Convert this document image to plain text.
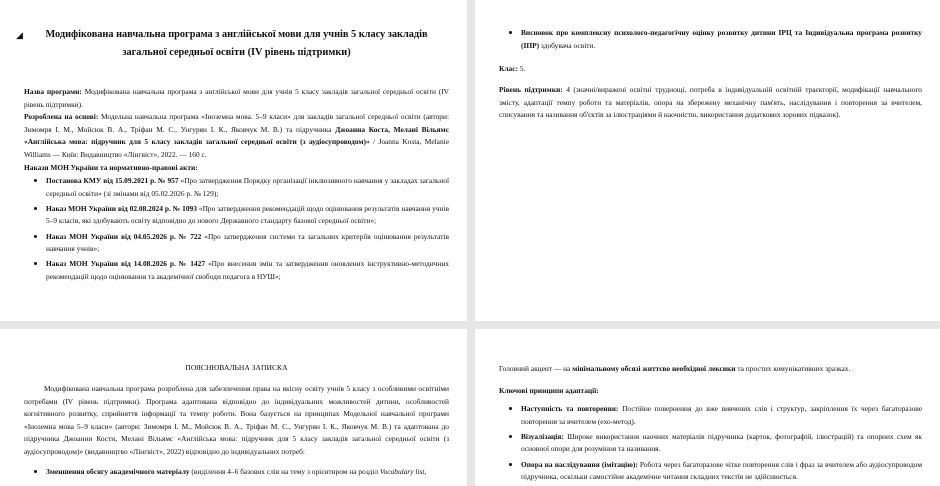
◢ Модифікована навчальна програма з англійської мови для учнів 5 класу закладів загальної середньої освіти (IV рівень підтримки)

Назва програми: Модифікована навчальна програма з англійської мови для учнів 5 класу закладів загальної середньої освіти (IV рівень підтримки).

Розроблена на основі: Модельна навчальна програма «Іноземна мова. 5–9 класи» для закладів загальної середньої освіти (автори: Зимомря І. М., Мойсюк В. А., Тріфан М. С., Унгурян І. К., Яковчук М. В.) та підручника Джоанна Коста, Мелані Вільямс «Англійська мова: підручник для 5 класу закладів загальної середньої освіти (з аудіосупроводом)» / Joanna Kosta, Melanie Williams — Київ: Видавництво «Лінгвіст», 2022. — 160 с.

Накази МОН України та нормативно-правові акти:

• Постанова КМУ від 15.09.2021 р. № 957 «Про затвердження Порядку організації інклюзивного навчання у закладах загальної середньої освіти» (зі змінами від 05.02.2026 р. № 129);
• Наказ МОН України від 02.08.2024 р. № 1093 «Про затвердження рекомендацій щодо оцінювання результатів навчання учнів 5–9 класів, які здобувають освіту відповідно до нового Державного стандарту базової середньої освіти»;
• Наказ МОН України від 04.05.2026 р. № 722 «Про затвердження системи та загальних критеріїв оцінювання результатів навчання учнів»;
• Наказ МОН України від 14.08.2026 р. № 1427 «Про внесення змін та затвердження оновлених інструктивно-методичних рекомендацій щодо оцінювання та академічної свободи педагога в НУШ»;
• Висновок про комплексну психолого-педагогічну оцінку розвитку дитини ІРЦ та Індивідуальна програма розвитку (ІПР) здобувача освіти.

Клас: 5.

Рівень підтримки: 4 (значні/виражені освітні труднощі, потреба в індивідуальній освітній траєкторії, модифікації навчального змісту, адаптації темпу роботи та матеріалів, опора на збережену механічну пам'ять, наслідування і повторення за вчителем, списування та називання об'єктів за ілюстраціями й наочністю, використання додаткових зорових підказок).

ПОЯСНЮВАЛЬНА ЗАПИСКА

Модифікована навчальна програма розроблена для забезпечення права на якісну освіту учнів 5 класу з особливими освітніми потребами (IV рівень підтримки). Програма адаптована відповідно до індивідуальних можливостей дитини, особливостей когнітивного розвитку, сприйняття інформації та темпу роботи. Вона базується на принципах Модельної навчальної програми «Іноземна мова 5–9 класи» (автори: Зимомря І. М., Мойсюк В. А., Тріфан М. С., Унгурян І. К., Яковчук М. В.) та адаптована до підручника Джоанни Кости, Мелані Вільямс «Англійська мова: підручник для 5 класу закладів загальної середньої освіти (з аудіосупроводом)» (видавництво «Лінгвіст», 2022) відповідно до індивідуальних потреб:

• Зменшення обсягу академічного матеріалу (виділення 4–6 базових слів на тему з орієнтиром на розділ Vocabulary list,

Головний акцент — на мінімальному обсязі життєво необхідної лексики та простих комунікативних зразках.

Ключові принципи адаптації:

• Наступність та повторення: Постійне повернення до вже вивчених слів і структур, закріплення їх через багаторазове повторення за вчителем (ехо-метод).
• Візуалізація: Широке використання наочних матеріалів підручника (карток, фотографій, ілюстрацій) та опорних схем як основної опори для розуміння та називання.
• Опора на наслідування (імітацію): Робота через багаторазове чітке повторення слів і фраз за вчителем або аудіосупроводом підручника, оскільки самостійне академічне читання складних текстів не здійснюється.
